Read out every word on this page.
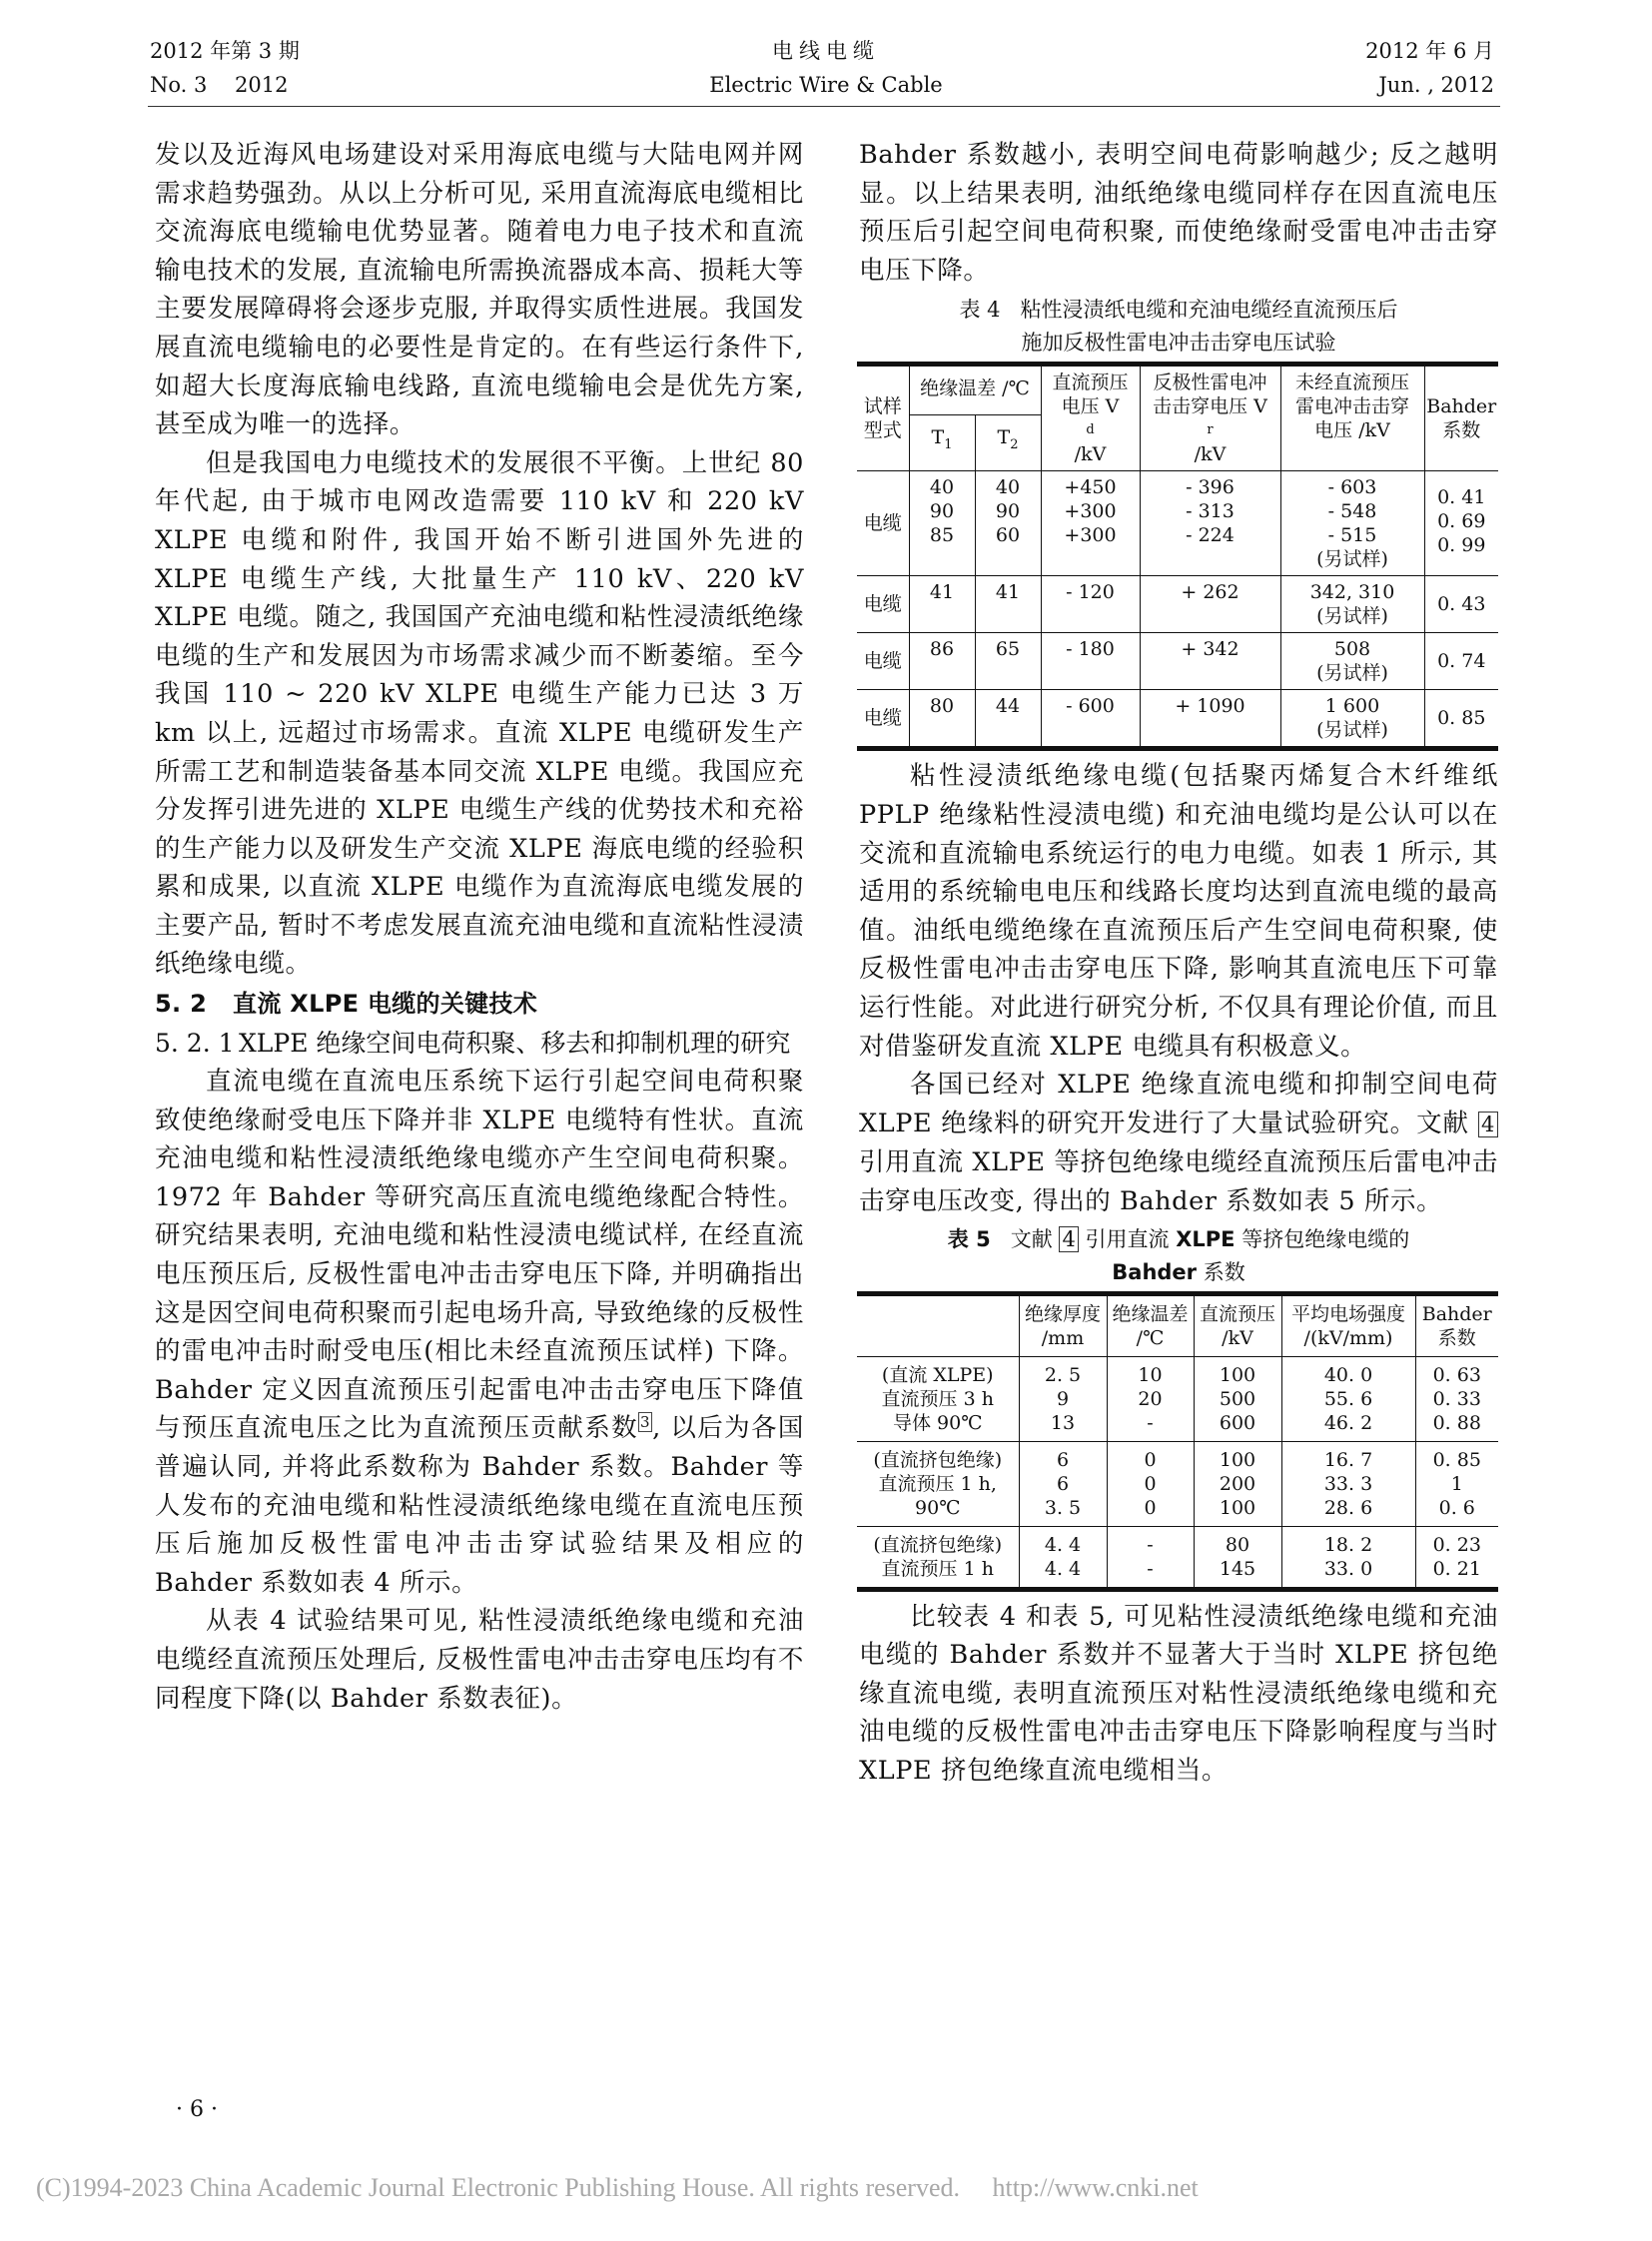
2012 年第 3 期
No. 3　 2012
电线电缆
Electric Wire & Cable
2012 年 6 月
Jun. , 2012

发以及近海风电场建设对采用海底电缆与大陆电网并网需求趋势强劲。从以上分析可见, 采用直流海底电缆相比交流海底电缆输电优势显著。随着电力电子技术和直流输电技术的发展, 直流输电所需换流器成本高、损耗大等主要发展障碍将会逐步克服, 并取得实质性进展。我国发展直流电缆输电的必要性是肯定的。在有些运行条件下, 如超大长度海底输电线路, 直流电缆输电会是优先方案, 甚至成为唯一的选择。

但是我国电力电缆技术的发展很不平衡。上世纪 80 年代起, 由于城市电网改造需要 110 kV 和 220 kV XLPE 电缆和附件, 我国开始不断引进国外先进的 XLPE 电缆生产线, 大批量生产 110 kV、220 kV XLPE 电缆。随之, 我国国产充油电缆和粘性浸渍纸绝缘电缆的生产和发展因为市场需求减少而不断萎缩。至今我国 110 ~ 220 kV XLPE 电缆生产能力已达 3 万 km 以上, 远超过市场需求。直流 XLPE 电缆研发生产所需工艺和制造装备基本同交流 XLPE 电缆。我国应充分发挥引进先进的 XLPE 电缆生产线的优势技术和充裕的生产能力以及研发生产交流 XLPE 海底电缆的经验积累和成果, 以直流 XLPE 电缆作为直流海底电缆发展的主要产品, 暂时不考虑发展直流充油电缆和直流粘性浸渍纸绝缘电缆。

5. 2 直流 XLPE 电缆的关键技术
5. 2. 1 XLPE 绝缘空间电荷积聚、移去和抑制机理的研究

直流电缆在直流电压系统下运行引起空间电荷积聚致使绝缘耐受电压下降并非 XLPE 电缆特有性状。直流充油电缆和粘性浸渍纸绝缘电缆亦产生空间电荷积聚。1972 年 Bahder 等研究高压直流电缆绝缘配合特性。研究结果表明, 充油电缆和粘性浸渍电缆试样, 在经直流电压预压后, 反极性雷电冲击击穿电压下降, 并明确指出这是因空间电荷积聚而引起电场升高, 导致绝缘的反极性的雷电冲击时耐受电压(相比未经直流预压试样) 下降。Bahder 定义因直流预压引起雷电冲击击穿电压下降值与预压直流电压之比为直流预压贡献系数 $^3$, 以后为各国普遍认同, 并将此系数称为 Bahder 系数。Bahder 等人发布的充油电缆和粘性浸渍纸绝缘电缆在直流电压预压后施加反极性雷电冲击击穿试验结果及相应的 Bahder 系数如表 4 所示。

从表 4 试验结果可见, 粘性浸渍纸绝缘电缆和充油电缆经直流预压处理后, 反极性雷电冲击击穿电压均有不同程度下降(以 Bahder 系数表征)。

Bahder 系数越小, 表明空间电荷影响越少; 反之越明显。以上结果表明, 油纸绝缘电缆同样存在因直流电压预压后引起空间电荷积聚, 而使绝缘耐受雷电冲击击穿电压下降。

表 4 粘性浸渍纸电缆和充油电缆经直流预压后
施加反极性雷电冲击击穿电压试验
试样
型式	绝缘温差 /℃		直流预压
电压 V
d
/kV	反极性雷电冲
击击穿电压 V
r
/kV	未经直流预压
雷电冲击击穿
电压 /kV	Bahder
系数

	$T_1$	$T_2$
电缆	40
90
85	40
90
60	+450
+300
+300	- 396
- 313
- 224	- 603
- 548
- 515
(另试样)	0. 41
0. 69
0. 99

电缆	41	41	- 120	+ 262	342, 310
(另试样)	0. 43

电缆	86	65	- 180	+ 342	508
(另试样)	0. 74

电缆	80	44	- 600	+ 1090	1 600
(另试样)	0. 85

粘性浸渍纸绝缘电缆(包括聚丙烯复合木纤维纸 PPLP 绝缘粘性浸渍电缆) 和充油电缆均是公认可以在交流和直流输电系统运行的电力电缆。如表 1 所示, 其适用的系统输电电压和线路长度均达到直流电缆的最高值。油纸电缆绝缘在直流预压后产生空间电荷积聚, 使反极性雷电冲击击穿电压下降, 影响其直流电压下可靠运行性能。对此进行研究分析, 不仅具有理论价值, 而且对借鉴研发直流 XLPE 电缆具有积极意义。

各国已经对 XLPE 绝缘直流电缆和抑制空间电荷 XLPE 绝缘料的研究开发进行了大量试验研究。文献 4 引用直流 XLPE 等挤包绝缘电缆经直流预压后雷电冲击击穿电压改变, 得出的 Bahder 系数如表 5 所示。

表 5 文献 4 引用直流 XLPE 等挤包绝缘电缆的
Bahder 系数

	绝缘厚度
/mm	绝缘温差
/℃	直流预压
/kV	平均电场强度
/(kV/mm)	Bahder
系数

(直流 XLPE)
直流预压 3 h
导体 90℃	2. 5
9
13	10
20
-	100
500
600	40. 0
55. 6
46. 2	0. 63
0. 33
0. 88

(直流挤包绝缘)
直流预压 1 h,
90℃	6
6
3. 5	0
0
0	100
200
100	16. 7
33. 3
28. 6	0. 85
1
0. 6

(直流挤包绝缘)
直流预压 1 h	4. 4
4. 4	-
-	80
145	18. 2
33. 0	0. 23
0. 21

比较表 4 和表 5, 可见粘性浸渍纸绝缘电缆和充油电缆的 Bahder 系数并不显著大于当时 XLPE 挤包绝缘直流电缆, 表明直流预压对粘性浸渍纸绝缘电缆和充油电缆的反极性雷电冲击击穿电压下降影响程度与当时 XLPE 挤包绝缘直流电缆相当。

· 6 ·
(C)1994-2023 China Academic Journal Electronic Publishing House. All rights reserved.　 http://www.cnki.net
